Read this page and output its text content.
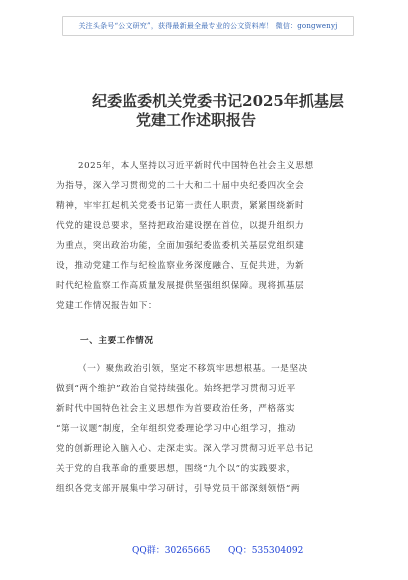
关注头条号“公文研究”，获得最新最全最专业的公文资料库！ 微信：gongwenyj
纪委监委机关党委书记2025年抓基层
党建工作述职报告
2025年，本人坚持以习近平新时代中国特色社会主义思想
为指导，深入学习贯彻党的二十大和二十届中央纪委四次全会
精神，牢牢扛起机关党委书记第一责任人职责，紧紧围绕新时
代党的建设总要求，坚持把政治建设摆在首位，以提升组织力
为重点，突出政治功能，全面加强纪委监委机关基层党组织建
设，推动党建工作与纪检监察业务深度融合、互促共进，为新
时代纪检监察工作高质量发展提供坚强组织保障。现将抓基层
党建工作情况报告如下：
一、主要工作情况
（一）聚焦政治引领，坚定不移筑牢思想根基。一是坚决
做到“两个维护”政治自觉持续强化。始终把学习贯彻习近平
新时代中国特色社会主义思想作为首要政治任务，严格落实
“第一议题”制度，全年组织党委理论学习中心组学习，推动
党的创新理论入脑入心、走深走实。深入学习贯彻习近平总书记
关于党的自我革命的重要思想，围绕“九个以”的实践要求，
组织各党支部开展集中学习研讨，引导党员干部深刻领悟“两
QQ群：30265665 QQ：535304092
